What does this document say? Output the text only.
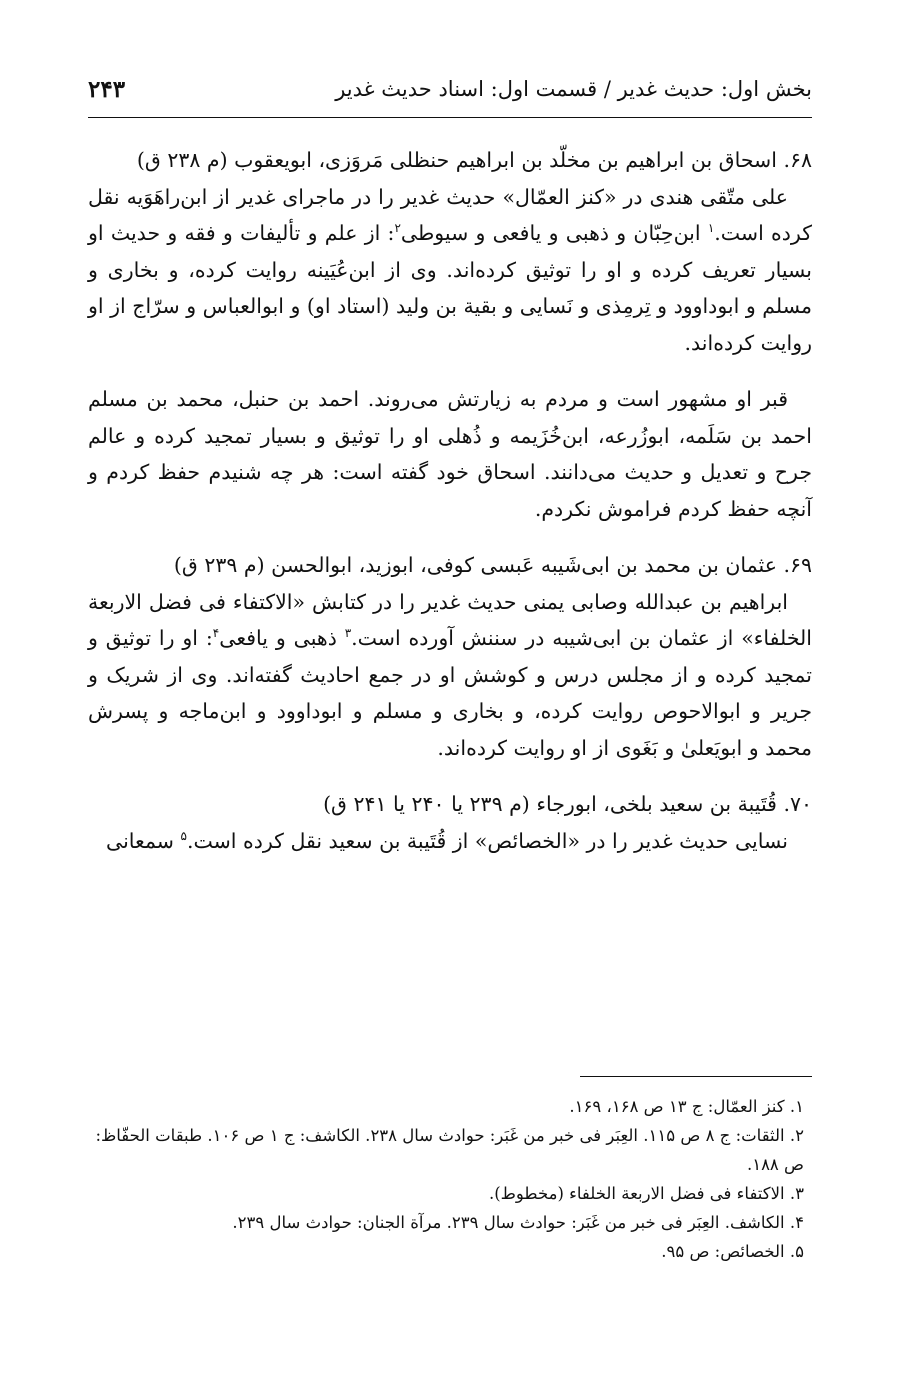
بخش اول: حدیث غدیر / قسمت اول: اسناد حدیث غدیر
۲۴۳

۶۸. اسحاق بن ابراهیم بن مخلّد بن ابراهیم حنظلی مَروَزی، ابویعقوب (م ۲۳۸ ق)

علی متّقی هندی در «کنز العمّال» حدیث غدیر را در ماجرای غدیر از ابن‌راهَوَیه نقل کرده است.$^۱$ ابن‌حِبّان و ذهبی و یافعی و سیوطی$^۲$: از علم و تألیفات و فقه و حدیث او بسیار تعریف کرده و او را توثیق کرده‌اند. وی از ابن‌عُیَینه روایت کرده، و بخاری و مسلم و ابوداوود و تِرمِذی و نَسایی و بقیة بن ولید (استاد او) و ابوالعباس و سرّاج از او روایت کرده‌اند.

قبر او مشهور است و مردم به زیارتش می‌روند. احمد بن حنبل، محمد بن مسلم احمد بن سَلَمه، ابوزُرعه، ابن‌خُزَیمه و ذُهلی او را توثیق و بسیار تمجید کرده و عالم جرح و تعدیل و حدیث می‌دانند. اسحاق خود گفته است: هر چه شنیدم حفظ کردم و آنچه حفظ کردم فراموش نکردم.

۶۹. عثمان بن محمد بن ابی‌شَیبه عَبسی کوفی، ابوزید، ابوالحسن (م ۲۳۹ ق)

ابراهیم بن عبدالله وصابی یمنی حدیث غدیر را در کتابش «الاکتفاء فی فضل الاربعة الخلفاء» از عثمان بن ابی‌شیبه در سننش آورده است.$^۳$ ذهبی و یافعی$^۴$: او را توثیق و تمجید کرده و از مجلس درس و کوشش او در جمع احادیث گفته‌اند. وی از شریک و جریر و ابوالاحوص روایت کرده، و بخاری و مسلم و ابوداوود و ابن‌ماجه و پسرش محمد و ابویَعلیٰ و بَغَوی از او روایت کرده‌اند.

۷۰. قُتَیبة بن سعید بلخی، ابورجاء (م ۲۳۹ یا ۲۴۰ یا ۲۴۱ ق)

نسایی حدیث غدیر را در «الخصائص» از قُتَیبة بن سعید نقل کرده است.$^۵$ سمعانی

۱. کنز العمّال: ج ۱۳ ص ۱۶۸، ۱۶۹.

۲. الثقات: ج ۸ ص ۱۱۵. العِبَر فی خبر من غَبَر: حوادث سال ۲۳۸. الکاشف: ج ۱ ص ۱۰۶. طبقات الحفّاظ: ص ۱۸۸.

۳. الاکتفاء فی فضل الاربعة الخلفاء (مخطوط).

۴. الکاشف. العِبَر فی خبر من غَبَر: حوادث سال ۲۳۹. مرآة الجنان: حوادث سال ۲۳۹.

۵. الخصائص: ص ۹۵.
